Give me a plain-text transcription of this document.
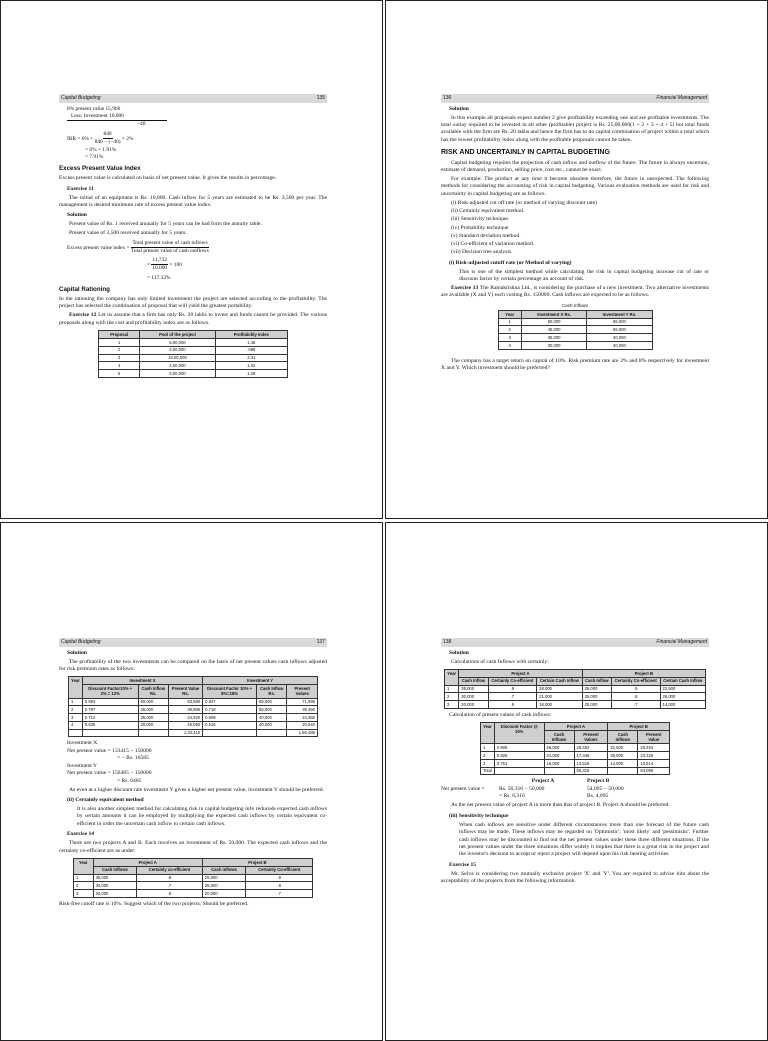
Capital Budgeting	135
8% present value 15,960
Less: Investment 16,000
−40
IRR = $6\% + \frac{840}{840 - (-40)} \times 2\%$
= 6% + 1.91%
= 7.91%
Excess Present Value Index

Excess present value is calculated on basis of net present value. It gives the results in percentage.

Exercise 11

The initial of an equipment is Rs. 10,000. Cash inflow for 5 years are estimated to be Rs. 3,500 per year. The management is desired minimum rate of excess present value index.

Solution

Present value of Rs. 1 received annually for 5 years can be had form the annuity table.

Present value of 3,500 received annually for 5 years.

Excess present value index = $\frac{\text{Total present value of cash inflows}}{\text{Total present value of cash outflows}}$
= $\frac{11,732}{10,000} \times 100$
= 117.32%
Capital Rationing

In the rationing the company has only limited investment the project are selected according to the profitability. The project has selected the combination of proposal that will yield the greatest portability.

Exercise 12 Let us assume that a firm has only Rs. 20 lakhs to invest and funds cannot be provided. The various proposals along with the cost and profitability index are as follows.

Proposal	Pool of the project	Profitability Index
1	6,00,000	1.46
2	2,00,000	.098
3	10,00,000	2.31
4	4,00,000	1.32
5	3,00,000	1.25
136	Financial Management
Solution

In this example all proposals expect number 2 give profitability exceeding one and are profitable investments. The total outlay required to be invested in all other (profitable) project is Rs. 25,00,000(1 + 2 + 3 + 4 + 5) but total funds available with the firm are Rs. 20 lakhs and hence the firm has to do capital combination of project within a total which has the lowest profitability index along with the profitable proposals cannot be taken.

RISK AND UNCERTAINLY IN CAPITAL BUDGETING

Capital budgeting requires the projection of cash inflow and outflow of the future. The future in always uncertain, estimate of demand, production, selling price, cost etc., cannot be exact.

For example: The product at any time it become obsolete therefore, the future in unexpected. The following methods for considering the accounting of risk in capital budgeting. Various evaluation methods are used for risk and uncertainty in capital budgeting are as follows.

(i) Risk-adjusted cut off rate (or method of varying discount rate)
(ii) Certainly equivalent method.
(iii) Sensitivity technique.
(iv) Probability technique
(v) Standard deviation method.
(vi) Co-efficient of variation method.
(vii) Decision tree analysis.
(i) Risk-adjusted cutoff rate (or Method of varying)

This is one of the simplest method while calculating the risk in capital budgeting increase cut of rate or discount factor by certain percentage an account of risk.

Exercise 13 The Ramakrishna Ltd., is considering the purchase of a new investment. Two alternative investments are available (X and Y) each costing Rs. 150000. Cash inflows are expected to be as follows.

Cash Inflows
Year	Investment X Rs.	Investment Y Rs.
1	60,000	65,000
2	45,000	55,000
3	35,000	40,000
4	30,000	40,000

The company has a target return on capital of 10%. Risk premium rate are 2% and 8% respectively for investment X and Y. Which investment should be preferred?

Capital Budgeting	137
Solution

The profitability of the two investments can be compared on the basis of net present values cash inflows adjusted for risk premium rates as follows:

Year	Investment X			Investment Y		
	Discount Factor10% + 2% = 12%	Cash Inflow Rs.	Present Value Rs.	Discount Factor 10% + 8%=18%	Cash Inflow Rs.	Present Values
1	0.893	60,000	53,580	0.847	65,000	71,995
2	0.797	45,000	35,865	0.718	55,000	39,490
3	0.712	35,000	24,920	0.609	40,000	24,360
4	0.635	30,000	19,050	0.516	40,000	20,640
			1,33,415			1,56,485
Investment X
Net present value = 133415 − 150000
= − Rs. 16585
Investment Y
Net present value = 156485 − 150000
= Rs. 6485

As even at a higher discount rate investment Y gives a higher net present value, investment Y should be preferred.

(ii) Certainly equivalent method

It is also another simplest method for calculating risk in capital budgeting info reduceds expected cash inflows by certain amounts it can be employed by multiplying the expected cash inflows by certain equivalent co-efficient in order the uncertain cash inflow to certain cash inflows.

Exercise 14

There are two projects A and B. Each involves an investment of Rs. 50,000. The expected cash inflows and the certainty co-efficient are as under:

Year	Project A		Project B	
	Cash inflows	Certainly co-efficient	Cash inflows	Certainly Co-efficient
1	35,000	.8	25,000	.9
2	30,000	.7	35,000	.8
3	20,000	.9	20,000	.7

Risk-free cutoff rate is 10%. Suggest which of the two projects. Should be preferred.

138	Financial Management
Solution

Calculations of cash Inflows with certainly:

Year	Project A			Project B		
	Cash Inflow	Certainly Co-efficient	Certain Cash Inflow	Cash Inflow	Certainly Co-efficient	Certain Cash Inflow
1	35,000	.8	28,000	25,000	.9	22,500
2	30,000	.7	21,000	35,000	.8	28,000
3	20,000	.9	18,000	20,000	.7	14,000

Calculation of present values of cash inflows:

Year	Discount Factor @ 10%	Project A		Project B	
		Cash Inflows	Present Values	Cash Inflows	Present Value
1	0.909	28,000	25,452	22,500	20,453
2	0.826	21,000	17,346	28,000	23,128
3	0.751	18,000	13,518	14,000	10,514
Total			56,316		54,095
Project A	Project B
Net present value =	Rs. 56,316 − 50,000	54,095 − 50,000
= Rs. 6,316	Rs. 4,095

As the net present value of project A in more than that of project B. Project A should be preferred.

(iii) Sensitivity technique

When cash inflows are sensitive under different circumstances more than one forecast of the future cash inflows may be made. These inflows may be regarded on 'Optimistic', 'most likely' and 'pessimistic'. Further cash inflows may be discounted to find out the net present values under these three different situations. If the net present values under the three situations differ widely it implies that there is a great risk in the project and the investor's decision to accept or reject a project will depend upon his risk bearing activities.

Exercise 15

Mr. Selva is considering two mutually exclusive project 'X' and 'Y'. You are required to advise him about the acceptability of the projects from the following information.
